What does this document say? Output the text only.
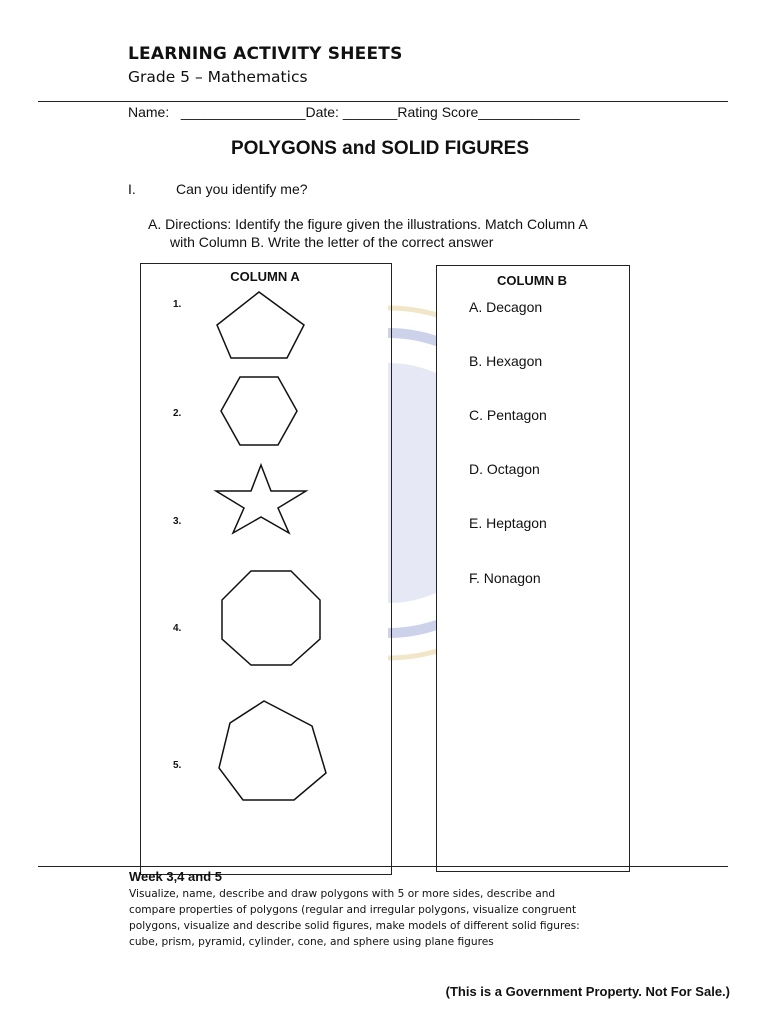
LEARNING ACTIVITY SHEETS
Grade 5 – Mathematics
Name:   ________________Date: _______Rating Score_____________
POLYGONS and SOLID FIGURES
I.	Can you identify me?
A. Directions: Identify the figure given the illustrations. Match Column A
with Column B. Write the letter of the correct answer
COLUMN A
1.
2.
3.
4.
5.
COLUMN B
A. Decagon
B. Hexagon
C. Pentagon
D. Octagon
E. Heptagon
F. Nonagon
Week 3,4 and 5
Visualize, name, describe and draw polygons with 5 or more sides, describe and
compare properties of polygons (regular and irregular polygons, visualize congruent
polygons, visualize and describe solid figures, make models of different solid figures:
cube, prism, pyramid, cylinder, cone, and sphere using plane figures
(This is a Government Property. Not For Sale.)
